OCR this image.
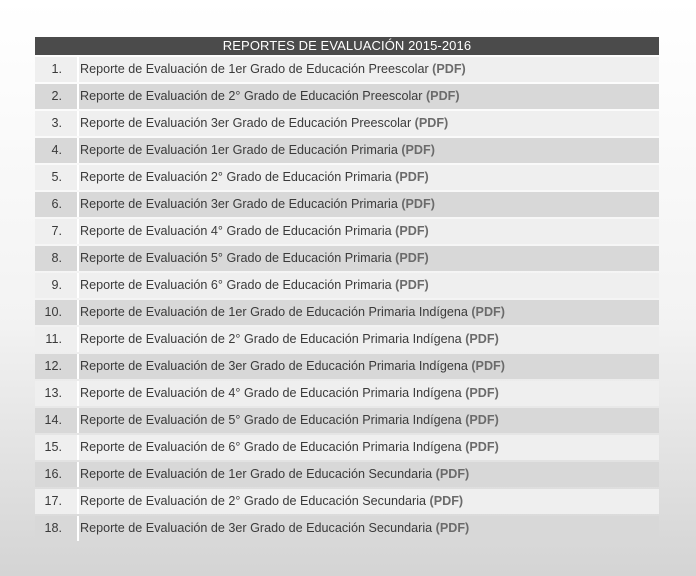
REPORTES DE EVALUACIÓN 2015-2016
1.	Reporte de Evaluación de 1er Grado de Educación Preescolar (PDF)
2.	Reporte de Evaluación de 2° Grado de Educación Preescolar (PDF)
3.	Reporte de Evaluación 3er Grado de Educación Preescolar (PDF)
4.	Reporte de Evaluación 1er Grado de Educación Primaria (PDF)
5.	Reporte de Evaluación 2° Grado de Educación Primaria (PDF)
6.	Reporte de Evaluación 3er Grado de Educación Primaria (PDF)
7.	Reporte de Evaluación 4° Grado de Educación Primaria (PDF)
8.	Reporte de Evaluación 5° Grado de Educación Primaria (PDF)
9.	Reporte de Evaluación 6° Grado de Educación Primaria (PDF)
10.	Reporte de Evaluación de 1er Grado de Educación Primaria Indígena (PDF)
11.	Reporte de Evaluación de 2° Grado de Educación Primaria Indígena (PDF)
12.	Reporte de Evaluación de 3er Grado de Educación Primaria Indígena (PDF)
13.	Reporte de Evaluación de 4° Grado de Educación Primaria Indígena (PDF)
14.	Reporte de Evaluación de 5° Grado de Educación Primaria Indígena (PDF)
15.	Reporte de Evaluación de 6° Grado de Educación Primaria Indígena (PDF)
16.	Reporte de Evaluación de 1er Grado de Educación Secundaria (PDF)
17.	Reporte de Evaluación de 2° Grado de Educación Secundaria (PDF)
18.	Reporte de Evaluación de 3er Grado de Educación Secundaria (PDF)
